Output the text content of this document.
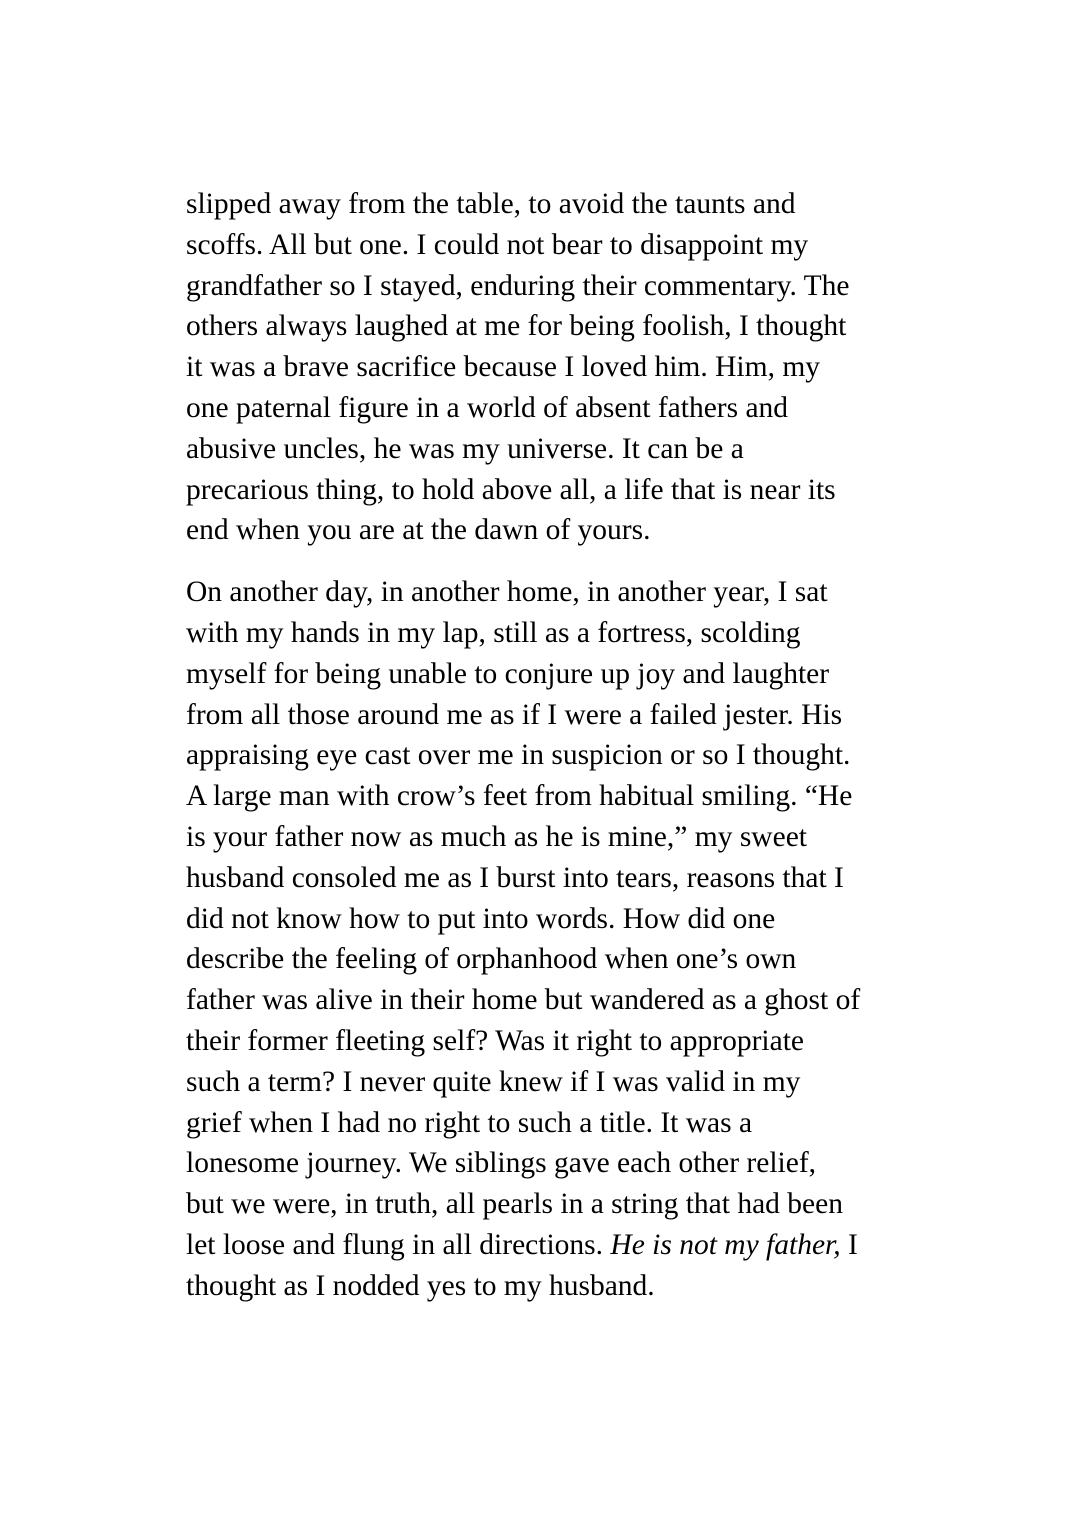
slipped away from the table, to avoid the taunts and
scoffs. All but one. I could not bear to disappoint my
grandfather so I stayed, enduring their commentary. The
others always laughed at me for being foolish, I thought
it was a brave sacrifice because I loved him. Him, my
one paternal figure in a world of absent fathers and
abusive uncles, he was my universe. It can be a
precarious thing, to hold above all, a life that is near its
end when you are at the dawn of yours.
On another day, in another home, in another year, I sat
with my hands in my lap, still as a fortress, scolding
myself for being unable to conjure up joy and laughter
from all those around me as if I were a failed jester. His
appraising eye cast over me in suspicion or so I thought.
A large man with crow’s feet from habitual smiling. “He
is your father now as much as he is mine,” my sweet
husband consoled me as I burst into tears, reasons that I
did not know how to put into words. How did one
describe the feeling of orphanhood when one’s own
father was alive in their home but wandered as a ghost of
their former fleeting self? Was it right to appropriate
such a term? I never quite knew if I was valid in my
grief when I had no right to such a title. It was a
lonesome journey. We siblings gave each other relief,
but we were, in truth, all pearls in a string that had been
let loose and flung in all directions. He is not my father, I
thought as I nodded yes to my husband.
